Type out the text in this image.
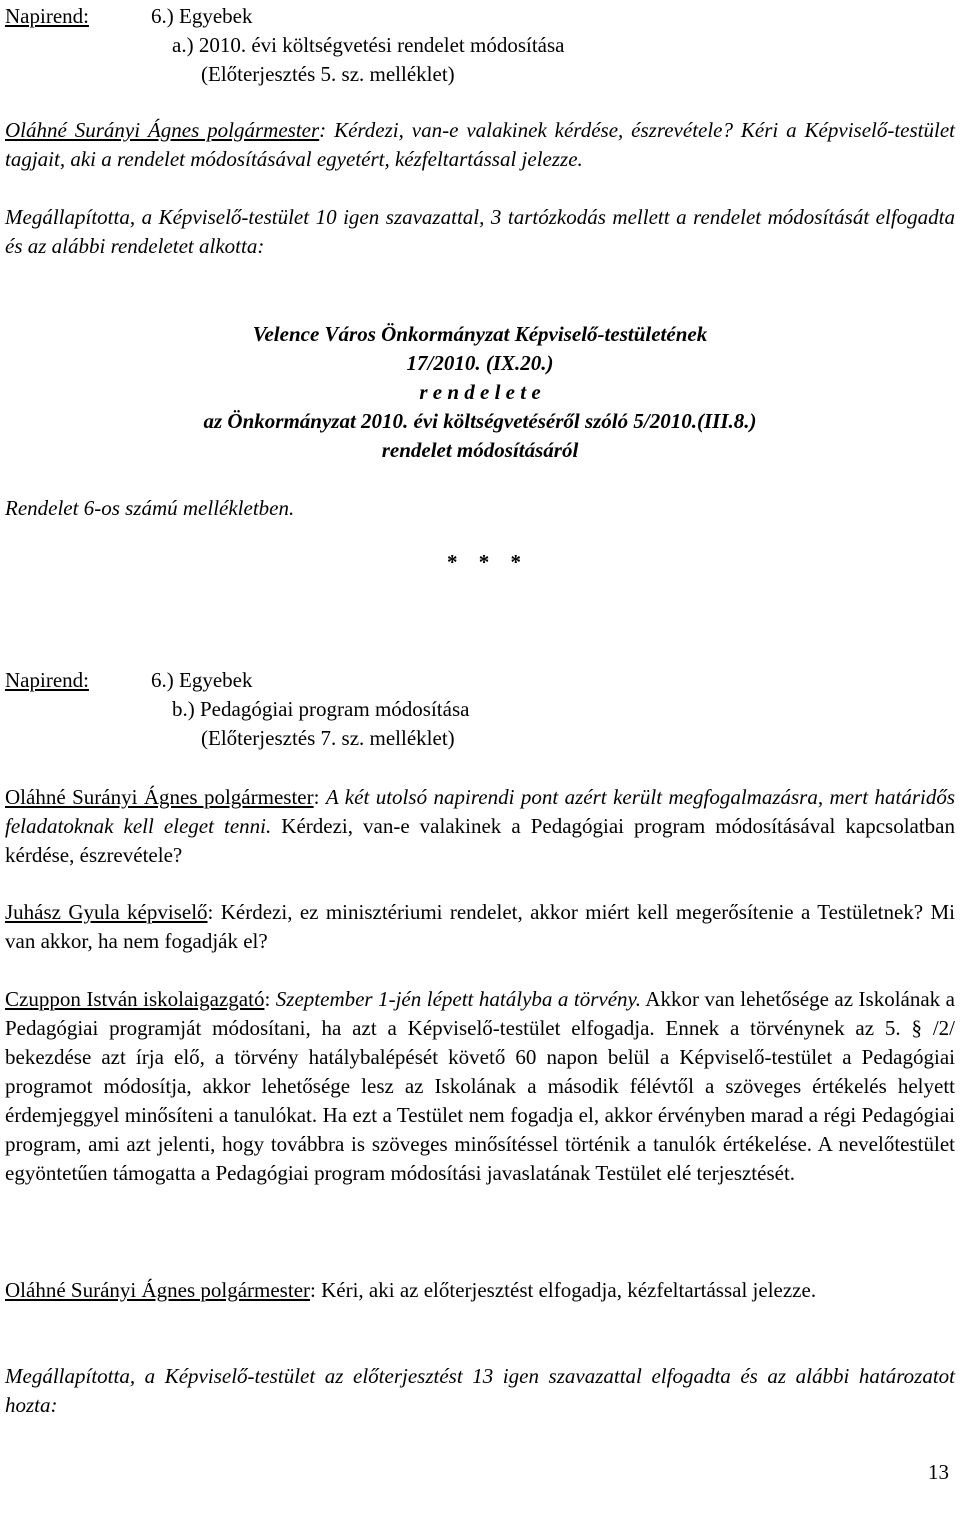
Napirend:	6.) Egyebek
a.) 2010. évi költségvetési rendelet módosítása
(Előterjesztés 5. sz. melléklet)
Oláhné Surányi Ágnes polgármester: Kérdezi, van-e valakinek kérdése, észrevétele? Kéri a Képviselő-testület tagjait, aki a rendelet módosításával egyetért, kézfeltartással jelezze.
Megállapította, a Képviselő-testület 10 igen szavazattal, 3 tartózkodás mellett a rendelet módosítását elfogadta és az alábbi rendeletet alkotta:
Velence Város Önkormányzat Képviselő-testületének
17/2010. (IX.20.)
r e n d e l e t e
az Önkormányzat 2010. évi költségvetéséről szóló 5/2010.(III.8.)
rendelet módosításáról
Rendelet 6-os számú mellékletben.
* * *
Napirend:	6.) Egyebek
b.) Pedagógiai program módosítása
(Előterjesztés 7. sz. melléklet)
Oláhné Surányi Ágnes polgármester: A két utolsó napirendi pont azért került megfogalmazásra, mert határidős feladatoknak kell eleget tenni. Kérdezi, van-e valakinek a Pedagógiai program módosításával kapcsolatban kérdése, észrevétele?
Juhász Gyula képviselő: Kérdezi, ez minisztériumi rendelet, akkor miért kell megerősítenie a Testületnek? Mi van akkor, ha nem fogadják el?
Czuppon István iskolaigazgató: Szeptember 1-jén lépett hatályba a törvény. Akkor van lehetősége az Iskolának a Pedagógiai programját módosítani, ha azt a Képviselő-testület elfogadja. Ennek a törvénynek az 5. § /2/ bekezdése azt írja elő, a törvény hatálybalépését követő 60 napon belül a Képviselő-testület a Pedagógiai programot módosítja, akkor lehetősége lesz az Iskolának a második félévtől a szöveges értékelés helyett érdemjeggyel minősíteni a tanulókat. Ha ezt a Testület nem fogadja el, akkor érvényben marad a régi Pedagógiai program, ami azt jelenti, hogy továbbra is szöveges minősítéssel történik a tanulók értékelése. A nevelőtestület egyöntetűen támogatta a Pedagógiai program módosítási javaslatának Testület elé terjesztését.
Oláhné Surányi Ágnes polgármester: Kéri, aki az előterjesztést elfogadja, kézfeltartással jelezze.
Megállapította, a Képviselő-testület az előterjesztést 13 igen szavazattal elfogadta és az alábbi határozatot hozta:
13
